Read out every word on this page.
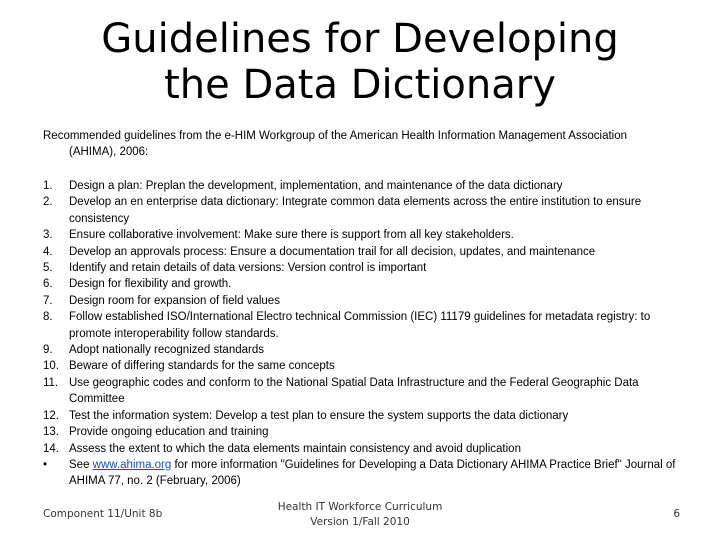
Guidelines for Developing
the Data Dictionary
Recommended guidelines from the e-HIM Workgroup of the American Health Information Management Association
(AHIMA), 2006:
1.	Design a plan: Preplan the development, implementation, and maintenance of the data dictionary
2.	Develop an en enterprise data dictionary: Integrate common data elements across the entire institution to ensure consistency
3.	Ensure collaborative involvement: Make sure there is support from all key stakeholders.
4.	Develop an approvals process: Ensure a documentation trail for all decision, updates, and maintenance
5.	Identify and retain details of data versions: Version control is important
6.	Design for flexibility and growth.
7.	Design room for expansion of field values
8.	Follow established ISO/International Electro technical Commission (IEC) 11179 guidelines for metadata registry: to promote interoperability follow standards.
9.	Adopt nationally recognized standards
10. Beware of differing standards for the same concepts
11. Use geographic codes and conform to the National Spatial Data Infrastructure and the Federal Geographic Data Committee
12. Test the information system: Develop a test plan to ensure the system supports the data dictionary
13. Provide ongoing education and training
14. Assess the extent to which the data elements maintain consistency and avoid duplication
•	See www.ahima.org for more information "Guidelines for Developing a Data Dictionary AHIMA Practice Brief" Journal of AHIMA 77, no. 2 (February, 2006)
Component 11/Unit 8b
Health IT Workforce Curriculum
Version 1/Fall 2010
6
